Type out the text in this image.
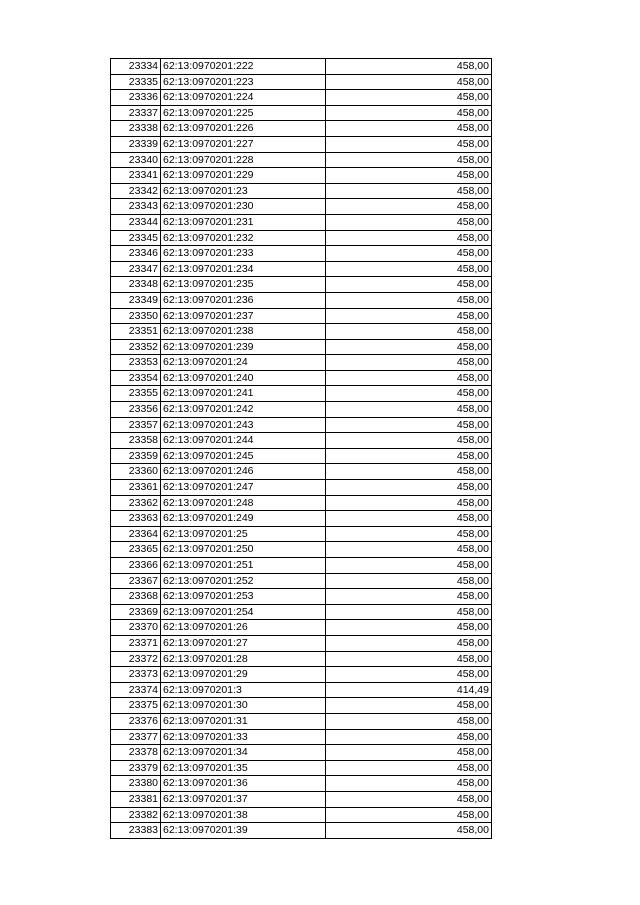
23334	62:13:0970201:222	458,00
23335	62:13:0970201:223	458,00
23336	62:13:0970201:224	458,00
23337	62:13:0970201:225	458,00
23338	62:13:0970201:226	458,00
23339	62:13:0970201:227	458,00
23340	62:13:0970201:228	458,00
23341	62:13:0970201:229	458,00
23342	62:13:0970201:23	458,00
23343	62:13:0970201:230	458,00
23344	62:13:0970201:231	458,00
23345	62:13:0970201:232	458,00
23346	62:13:0970201:233	458,00
23347	62:13:0970201:234	458,00
23348	62:13:0970201:235	458,00
23349	62:13:0970201:236	458,00
23350	62:13:0970201:237	458,00
23351	62:13:0970201:238	458,00
23352	62:13:0970201:239	458,00
23353	62:13:0970201:24	458,00
23354	62:13:0970201:240	458,00
23355	62:13:0970201:241	458,00
23356	62:13:0970201:242	458,00
23357	62:13:0970201:243	458,00
23358	62:13:0970201:244	458,00
23359	62:13:0970201:245	458,00
23360	62:13:0970201:246	458,00
23361	62:13:0970201:247	458,00
23362	62:13:0970201:248	458,00
23363	62:13:0970201:249	458,00
23364	62:13:0970201:25	458,00
23365	62:13:0970201:250	458,00
23366	62:13:0970201:251	458,00
23367	62:13:0970201:252	458,00
23368	62:13:0970201:253	458,00
23369	62:13:0970201:254	458,00
23370	62:13:0970201:26	458,00
23371	62:13:0970201:27	458,00
23372	62:13:0970201:28	458,00
23373	62:13:0970201:29	458,00
23374	62:13:0970201:3	414,49
23375	62:13:0970201:30	458,00
23376	62:13:0970201:31	458,00
23377	62:13:0970201:33	458,00
23378	62:13:0970201:34	458,00
23379	62:13:0970201:35	458,00
23380	62:13:0970201:36	458,00
23381	62:13:0970201:37	458,00
23382	62:13:0970201:38	458,00
23383	62:13:0970201:39	458,00
